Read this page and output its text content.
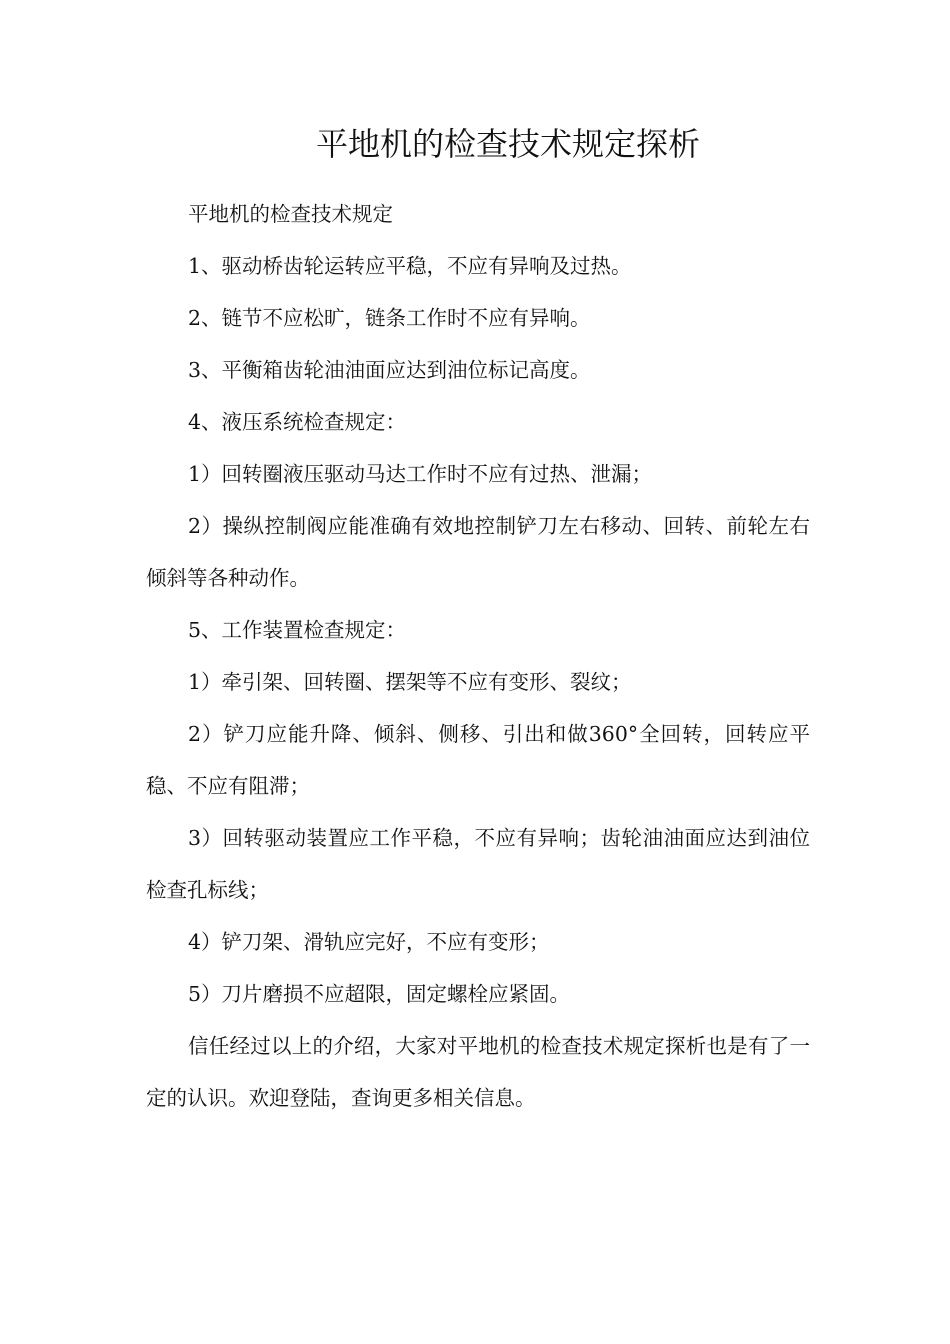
平地机的检查技术规定探析

平地机的检查技术规定

1、驱动桥齿轮运转应平稳，不应有异响及过热。

2、链节不应松旷，链条工作时不应有异响。

3、平衡箱齿轮油油面应达到油位标记高度。

4、液压系统检查规定：

1）回转圈液压驱动马达工作时不应有过热、泄漏；

2）操纵控制阀应能准确有效地控制铲刀左右移动、回转、前轮左右倾斜等各种动作。

5、工作装置检查规定：

1）牵引架、回转圈、摆架等不应有变形、裂纹；

2）铲刀应能升降、倾斜、侧移、引出和做360°全回转，回转应平稳、不应有阻滞；

3）回转驱动装置应工作平稳，不应有异响；齿轮油油面应达到油位检查孔标线；

4）铲刀架、滑轨应完好，不应有变形；

5）刀片磨损不应超限，固定螺栓应紧固。

信任经过以上的介绍，大家对平地机的检查技术规定探析也是有了一定的认识。欢迎登陆，查询更多相关信息。
